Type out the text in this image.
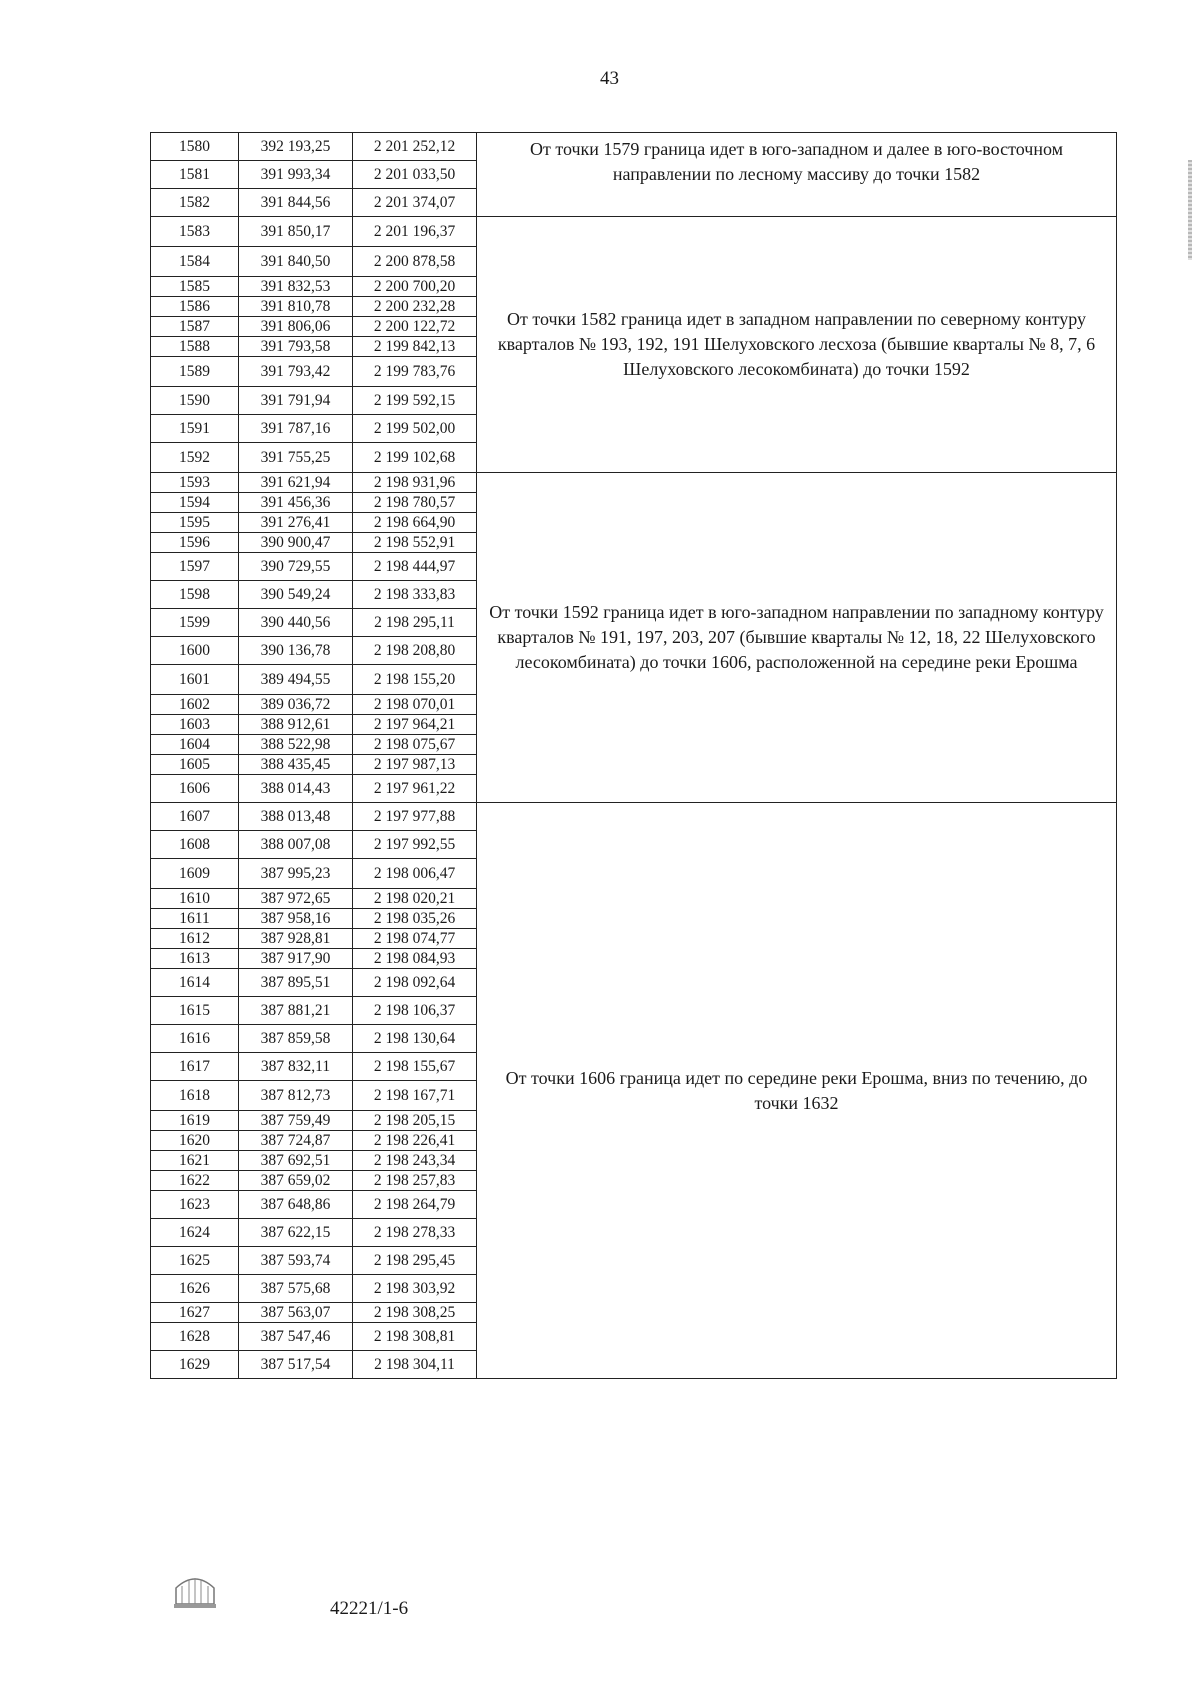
43
1580	392 193,25	2 201 252,12	От точки 1579 граница идет в юго-западном и далее в юго-восточном направлении по лесному массиву до точки 1582
1581	391 993,34	2 201 033,50	
1582	391 844,56	2 201 374,07	
1583	391 850,17	2 201 196,37	От точки 1582 граница идет в западном направлении по северному контуру кварталов № 193, 192, 191 Шелуховского лесхоза (бывшие кварталы № 8, 7, 6 Шелуховского лесокомбината) до точки 1592
1584	391 840,50	2 200 878,58	
1585	391 832,53	2 200 700,20	
1586	391 810,78	2 200 232,28	
1587	391 806,06	2 200 122,72	
1588	391 793,58	2 199 842,13	
1589	391 793,42	2 199 783,76	
1590	391 791,94	2 199 592,15	
1591	391 787,16	2 199 502,00	
1592	391 755,25	2 199 102,68	
1593	391 621,94	2 198 931,96	От точки 1592 граница идет в юго-западном направлении по западному контуру кварталов № 191, 197, 203, 207 (бывшие кварталы № 12, 18, 22 Шелуховского лесокомбината) до точки 1606, расположенной на середине реки Ерошма
1594	391 456,36	2 198 780,57	
1595	391 276,41	2 198 664,90	
1596	390 900,47	2 198 552,91	
1597	390 729,55	2 198 444,97	
1598	390 549,24	2 198 333,83	
1599	390 440,56	2 198 295,11	
1600	390 136,78	2 198 208,80	
1601	389 494,55	2 198 155,20	
1602	389 036,72	2 198 070,01	
1603	388 912,61	2 197 964,21	
1604	388 522,98	2 198 075,67	
1605	388 435,45	2 197 987,13	
1606	388 014,43	2 197 961,22	
1607	388 013,48	2 197 977,88	От точки 1606 граница идет по середине реки Ерошма, вниз по течению, до точки 1632
1608	388 007,08	2 197 992,55	
1609	387 995,23	2 198 006,47	
1610	387 972,65	2 198 020,21	
1611	387 958,16	2 198 035,26	
1612	387 928,81	2 198 074,77	
1613	387 917,90	2 198 084,93	
1614	387 895,51	2 198 092,64	
1615	387 881,21	2 198 106,37	
1616	387 859,58	2 198 130,64	
1617	387 832,11	2 198 155,67	
1618	387 812,73	2 198 167,71	
1619	387 759,49	2 198 205,15	
1620	387 724,87	2 198 226,41	
1621	387 692,51	2 198 243,34	
1622	387 659,02	2 198 257,83	
1623	387 648,86	2 198 264,79	
1624	387 622,15	2 198 278,33	
1625	387 593,74	2 198 295,45	
1626	387 575,68	2 198 303,92	
1627	387 563,07	2 198 308,25	
1628	387 547,46	2 198 308,81	
1629	387 517,54	2 198 304,11	
42221/1-6
